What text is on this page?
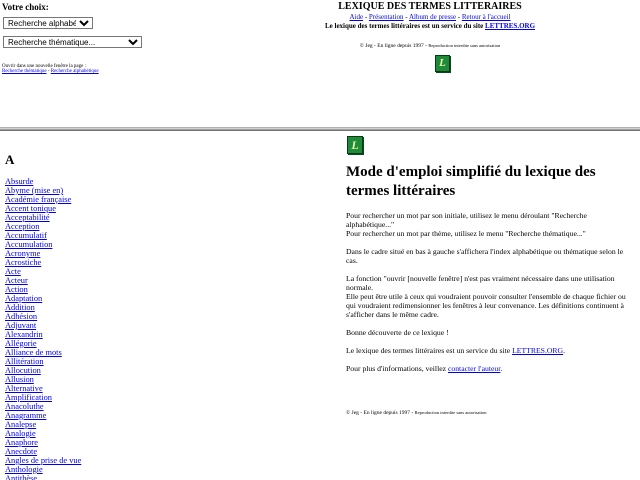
Votre choix:

Recherche alphabétique...
Recherche thématique...
Ouvrir dans une nouvelle fenêtre la page :
Recherche thématique - Recherche alphabétique

LEXIQUE DES TERMES LITTERAIRES

Aide - Présentation - Album de presse - Retour à l'accueil
Le lexique des termes littéraires est un service du site LETTRES.ORG
© Jeg - En ligne depuis 1997 - Reproduction interdite sans autorisation
L
A
Absurde
Abyme (mise en)
Académie française
Accent tonique
Acceptabilité
Acception
Accumulatif
Accumulation
Acronyme
Acrostiche
Acte
Acteur
Action
Adaptation
Addition
Adhésion
Adjuvant
Alexandrin
Allégorie
Alliance de mots
Allitération
Allocution
Allusion
Alternative
Amplification
Anacoluthe
Anagramme
Analepse
Analogie
Anaphore
Anecdote
Angles de prise de vue
Anthologie
Antithèse
L
Mode d'emploi simplifié du lexique des termes littéraires

Pour rechercher un mot par son initiale, utilisez le menu déroulant "Recherche alphabétique..."
Pour rechercher un mot par thème, utilisez le menu "Recherche thématique..."

Dans le cadre situé en bas à gauche s'affichera l'index alphabétique ou thématique selon le cas.

La fonction "ouvrir [nouvelle fenêtre] n'est pas vraiment nécessaire dans une utilisation normale.
Elle peut être utile à ceux qui voudraient pouvoir consulter l'ensemble de chaque fichier ou qui voudraient redimensionner les fenêtres à leur convenance. Les définitions continuent à s'afficher dans le même cadre.

Bonne découverte de ce lexique !

Le lexique des termes littéraires est un service du site LETTRES.ORG.

Pour plus d'informations, veillez contacter l'auteur.

© Jeg - En ligne depuis 1997 - Reproduction interdite sans autorisation
